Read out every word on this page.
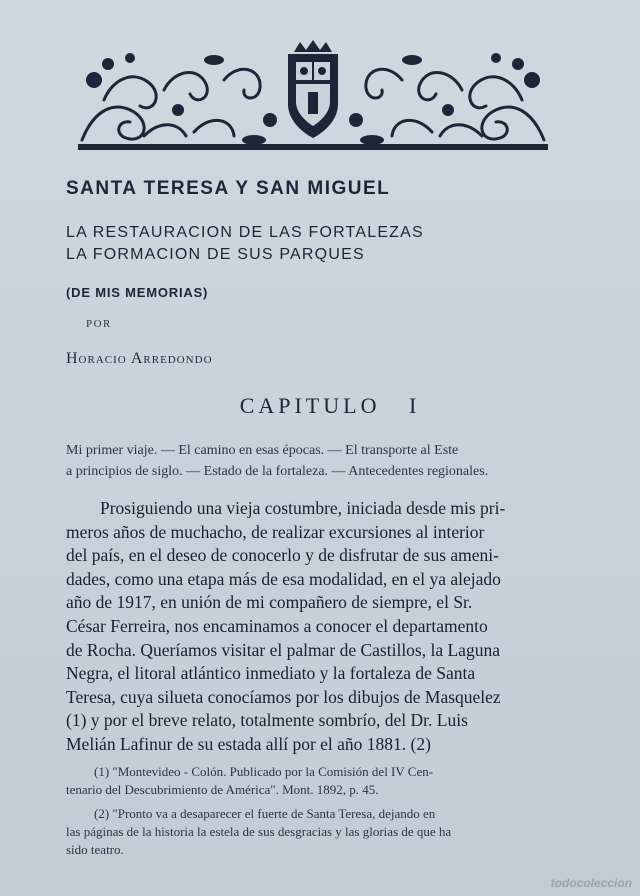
SANTA TERESA Y SAN MIGUEL
LA RESTAURACION DE LAS FORTALEZAS
LA FORMACION DE SUS PARQUES
(DE MIS MEMORIAS)
POR
Horacio Arredondo
CAPITULO   I
Mi primer viaje. — El camino en esas épocas. — El transporte al Este
a principios de siglo. — Estado de la fortaleza. — Antecedentes regionales.
Prosiguiendo una vieja costumbre, iniciada desde mis pri-
meros años de muchacho, de realizar excursiones al interior
del país, en el deseo de conocerlo y de disfrutar de sus ameni-
dades, como una etapa más de esa modalidad, en el ya alejado
año de 1917, en unión de mi compañero de siempre, el Sr.
César Ferreira, nos encaminamos a conocer el departamento
de Rocha. Queríamos visitar el palmar de Castillos, la Laguna
Negra, el litoral atlántico inmediato y la fortaleza de Santa
Teresa, cuya silueta conocíamos por los dibujos de Masquelez
(1) y por el breve relato, totalmente sombrío, del Dr. Luis
Melián Lafinur de su estada allí por el año 1881. (2)
(1) "Montevideo - Colón. Publicado por la Comisión del IV Cen-
tenario del Descubrimiento de América". Mont. 1892, p. 45.
(2) "Pronto va a desaparecer el fuerte de Santa Teresa, dejando en
las páginas de la historia la estela de sus desgracias y las glorias de que ha
sido teatro.
todocoleccion
